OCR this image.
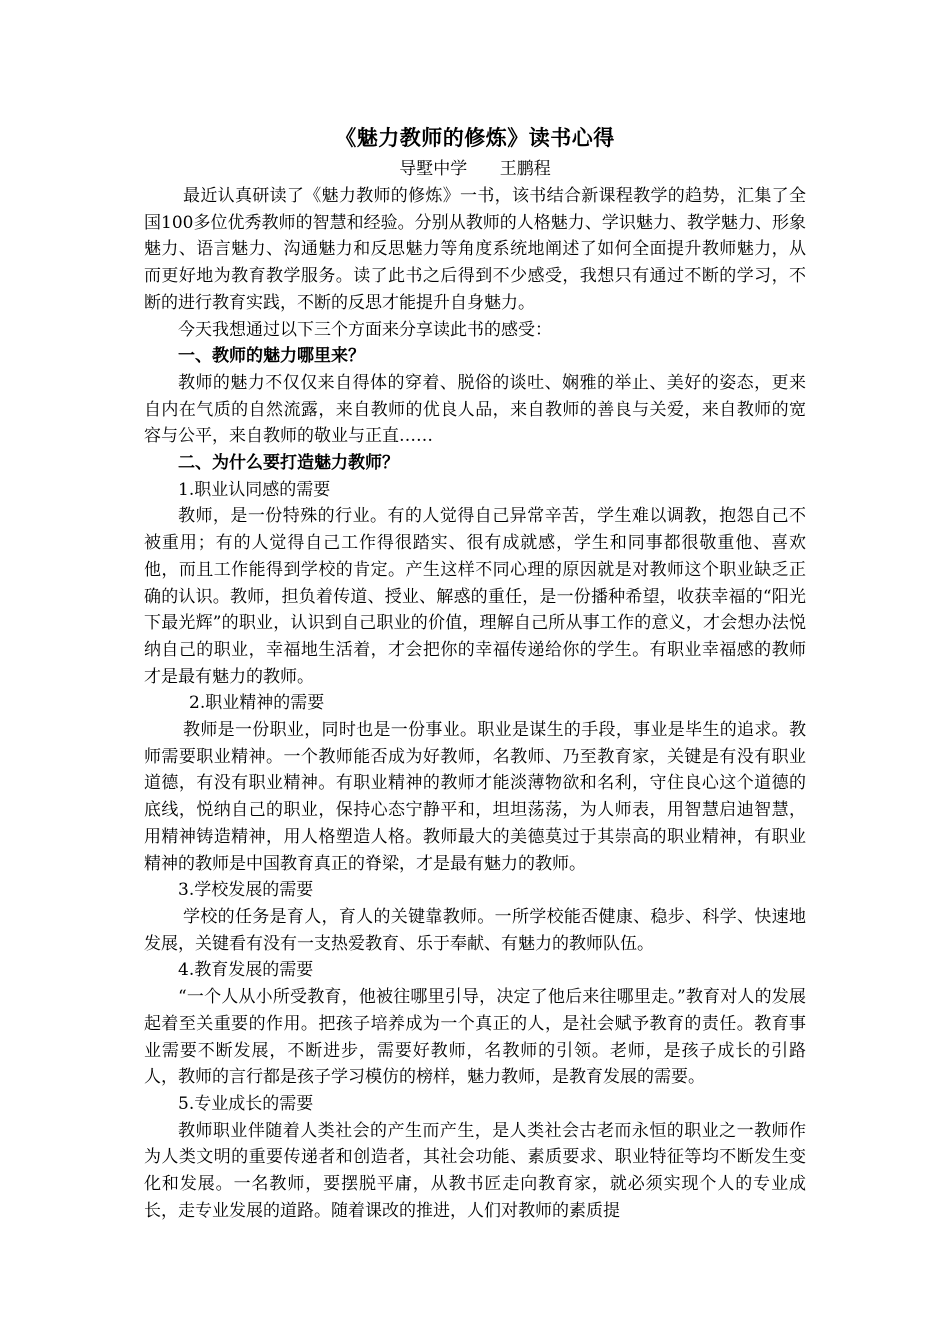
《魅力教师的修炼》读书心得
导墅中学      王鹏程

最近认真研读了《魅力教师的修炼》一书，该书结合新课程教学的趋势，汇集了全国100多位优秀教师的智慧和经验。分别从教师的人格魅力、学识魅力、教学魅力、形象魅力、语言魅力、沟通魅力和反思魅力等角度系统地阐述了如何全面提升教师魅力，从而更好地为教育教学服务。读了此书之后得到不少感受，我想只有通过不断的学习，不断的进行教育实践，不断的反思才能提升自身魅力。

今天我想通过以下三个方面来分享读此书的感受：

一、教师的魅力哪里来？

教师的魅力不仅仅来自得体的穿着、脱俗的谈吐、娴雅的举止、美好的姿态，更来自内在气质的自然流露，来自教师的优良人品，来自教师的善良与关爱，来自教师的宽容与公平，来自教师的敬业与正直……

二、为什么要打造魅力教师？

1.职业认同感的需要

教师，是一份特殊的行业。有的人觉得自己异常辛苦，学生难以调教，抱怨自己不被重用；有的人觉得自己工作得很踏实、很有成就感，学生和同事都很敬重他、喜欢他，而且工作能得到学校的肯定。产生这样不同心理的原因就是对教师这个职业缺乏正确的认识。教师，担负着传道、授业、解惑的重任，是一份播种希望，收获幸福的“阳光下最光辉”的职业，认识到自己职业的价值，理解自己所从事工作的意义，才会想办法悦纳自己的职业，幸福地生活着，才会把你的幸福传递给你的学生。有职业幸福感的教师才是最有魅力的教师。

2.职业精神的需要

教师是一份职业，同时也是一份事业。职业是谋生的手段，事业是毕生的追求。教师需要职业精神。一个教师能否成为好教师，名教师、乃至教育家，关键是有没有职业道德，有没有职业精神。有职业精神的教师才能淡薄物欲和名利，守住良心这个道德的底线，悦纳自己的职业，保持心态宁静平和，坦坦荡荡，为人师表，用智慧启迪智慧，用精神铸造精神，用人格塑造人格。教师最大的美德莫过于其崇高的职业精神，有职业精神的教师是中国教育真正的脊梁，才是最有魅力的教师。

3.学校发展的需要

学校的任务是育人，育人的关键靠教师。一所学校能否健康、稳步、科学、快速地发展，关键看有没有一支热爱教育、乐于奉献、有魅力的教师队伍。

4.教育发展的需要

“一个人从小所受教育，他被往哪里引导，决定了他后来往哪里走。”教育对人的发展起着至关重要的作用。把孩子培养成为一个真正的人，是社会赋予教育的责任。教育事业需要不断发展，不断进步，需要好教师，名教师的引领。老师，是孩子成长的引路人，教师的言行都是孩子学习模仿的榜样，魅力教师，是教育发展的需要。

5.专业成长的需要

教师职业伴随着人类社会的产生而产生，是人类社会古老而永恒的职业之一教师作为人类文明的重要传递者和创造者，其社会功能、素质要求、职业特征等均不断发生变化和发展。一名教师，要摆脱平庸，从教书匠走向教育家，就必须实现个人的专业成长，走专业发展的道路。随着课改的推进，人们对教师的素质提
